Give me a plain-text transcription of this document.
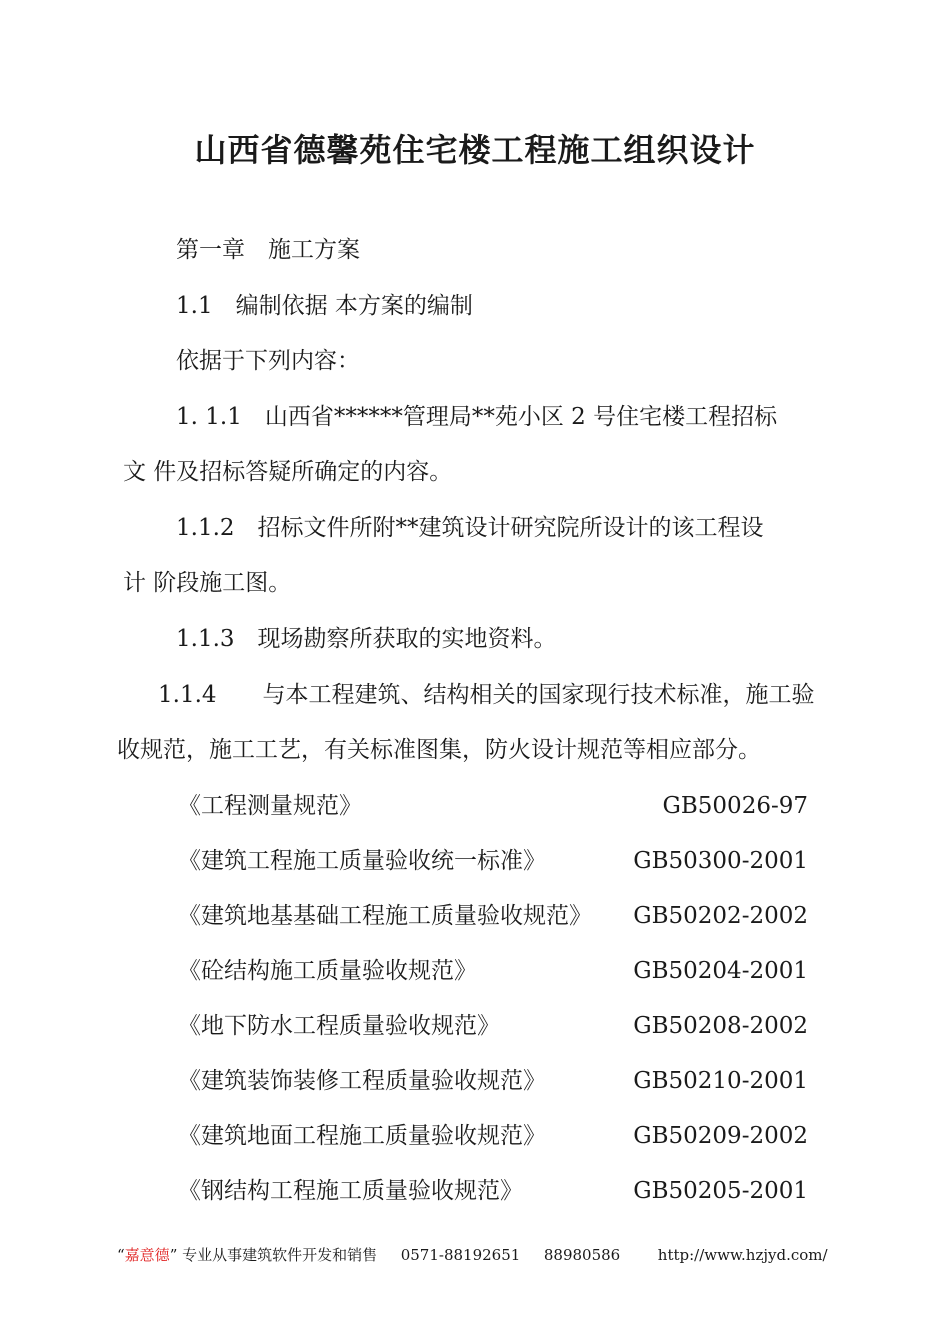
山西省德馨苑住宅楼工程施工组织设计
第一章　施工方案
1.1　编制依据 本方案的编制
依据于下列内容：
1. 1.1　山西省******管理局**苑小区 2 号住宅楼工程招标
文 件及招标答疑所确定的内容。
1.1.2　招标文件所附**建筑设计研究院所设计的该工程设
计 阶段施工图。
1.1.3　现场勘察所获取的实地资料。
1.1.4　　与本工程建筑、结构相关的国家现行技术标准，施工验
收规范，施工工艺，有关标准图集，防火设计规范等相应部分。
《工程测量规范》	GB50026-97
《建筑工程施工质量验收统一标准》	GB50300-2001
《建筑地基基础工程施工质量验收规范》 GB50202-2002
《砼结构施工质量验收规范》	GB50204-2001
《地下防水工程质量验收规范》	GB50208-2002
《建筑装饰装修工程质量验收规范》	GB50210-2001
《建筑地面工程施工质量验收规范》	GB50209-2002
《钢结构工程施工质量验收规范》	GB50205-2001
“嘉意德” 专业从事建筑软件开发和销售 0571-88192651 88980586	http://www.hzjyd.com/
